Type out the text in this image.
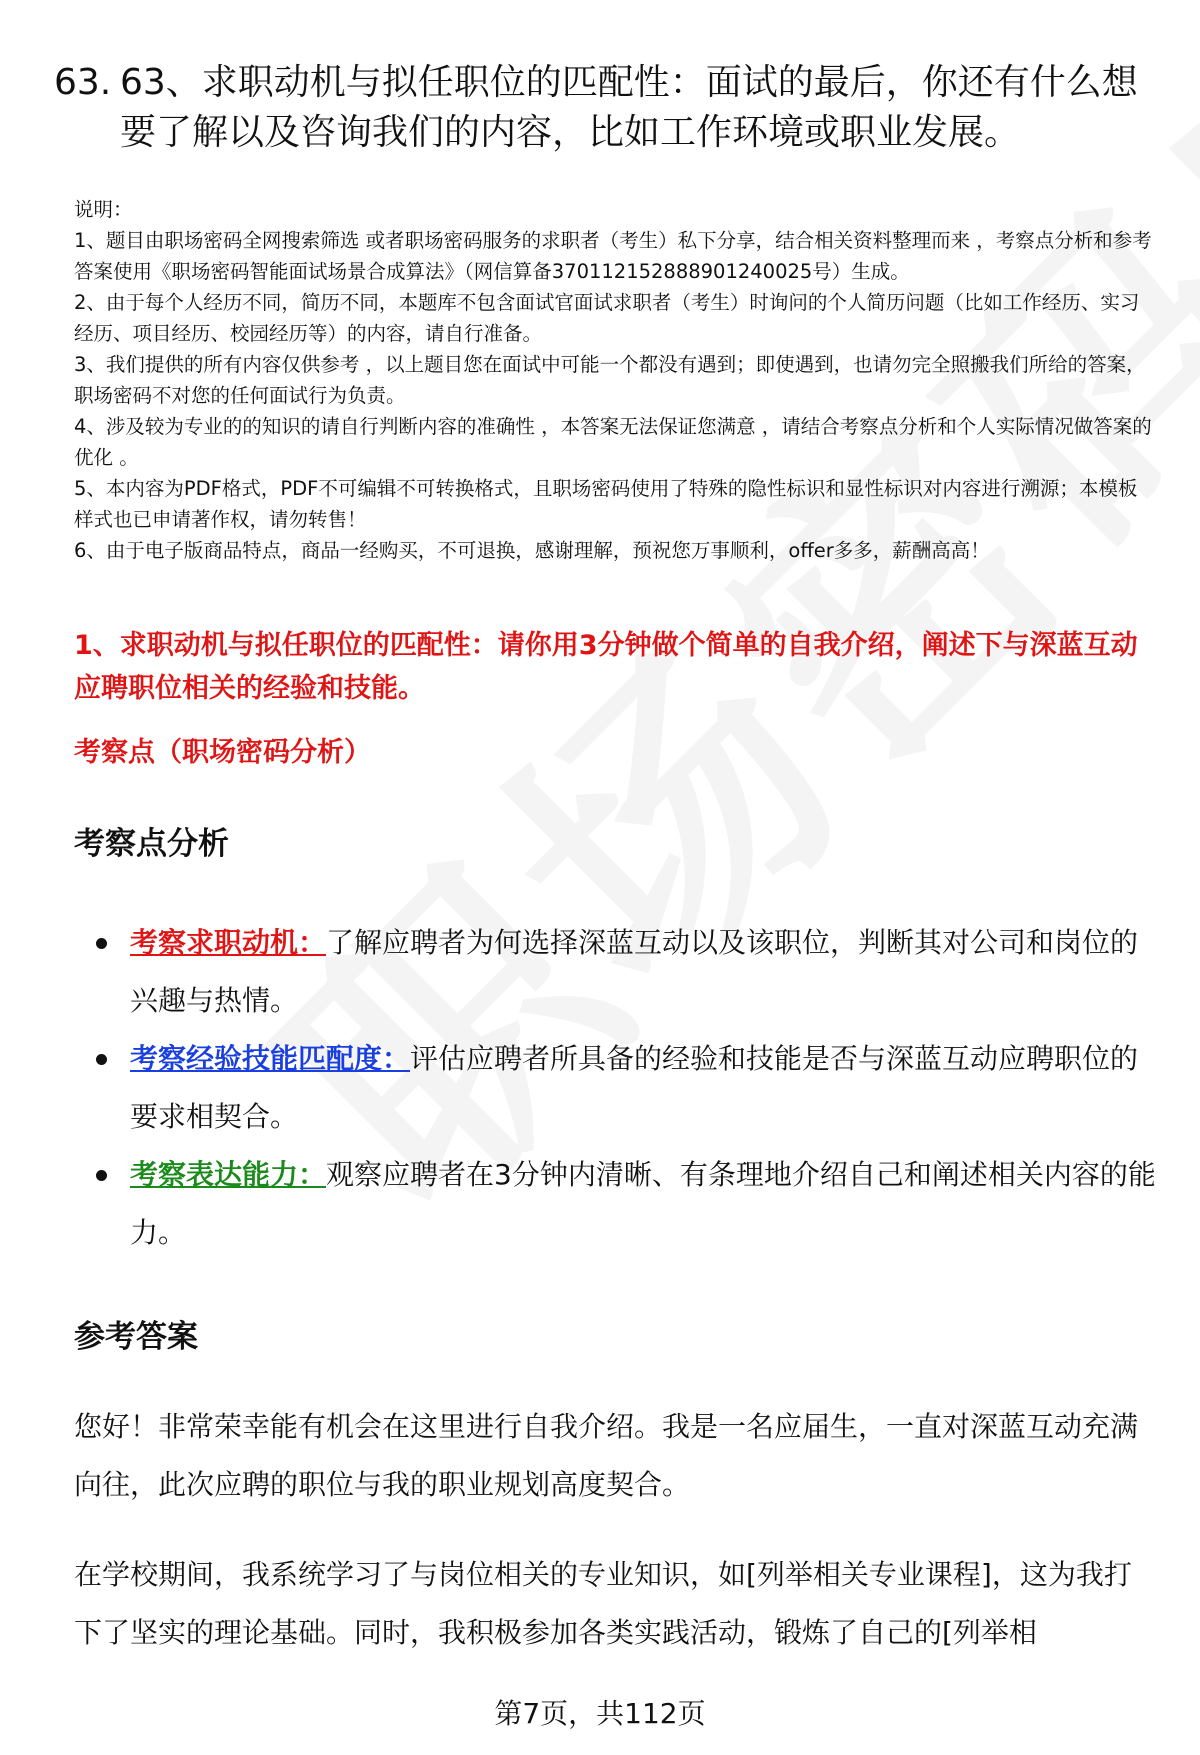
63. 63、求职动机与拟任职位的匹配性：面试的最后，你还有什么想要了解以及咨询我们的内容，比如工作环境或职业发展。

说明：

1、题目由职场密码全网搜索筛选 或者职场密码服务的求职者（考生）私下分享，结合相关资料整理而来 ，考察点分析和参考答案使用《职场密码智能面试场景合成算法》（网信算备370112152888901240025号）生成。

2、由于每个人经历不同，简历不同，本题库不包含面试官面试求职者（考生）时询问的个人简历问题（比如工作经历、实习经历、项目经历、校园经历等）的内容，请自行准备。

3、我们提供的所有内容仅供参考 ，以上题目您在面试中可能一个都没有遇到；即使遇到，也请勿完全照搬我们所给的答案，职场密码不对您的任何面试行为负责。

4、涉及较为专业的的知识的请自行判断内容的准确性 ，本答案无法保证您满意 ，请结合考察点分析和个人实际情况做答案的优化 。

5、本内容为PDF格式，PDF不可编辑不可转换格式，且职场密码使用了特殊的隐性标识和显性标识对内容进行溯源；本模板样式也已申请著作权，请勿转售！

6、由于电子版商品特点，商品一经购买，不可退换，感谢理解，预祝您万事顺利，offer多多，薪酬高高！

1、求职动机与拟任职位的匹配性：请你用3分钟做个简单的自我介绍，阐述下与深蓝互动应聘职位相关的经验和技能。
考察点（职场密码分析）
考察点分析
考察求职动机：了解应聘者为何选择深蓝互动以及该职位，判断其对公司和岗位的兴趣与热情。
考察经验技能匹配度：评估应聘者所具备的经验和技能是否与深蓝互动应聘职位的要求相契合。
考察表达能力：观察应聘者在3分钟内清晰、有条理地介绍自己和阐述相关内容的能力。
参考答案

您好！非常荣幸能有机会在这里进行自我介绍。我是一名应届生，一直对深蓝互动充满向往，此次应聘的职位与我的职业规划高度契合。

在学校期间，我系统学习了与岗位相关的专业知识，如[列举相关专业课程]，这为我打下了坚实的理论基础。同时，我积极参加各类实践活动，锻炼了自己的[列举相

第7页，共112页
